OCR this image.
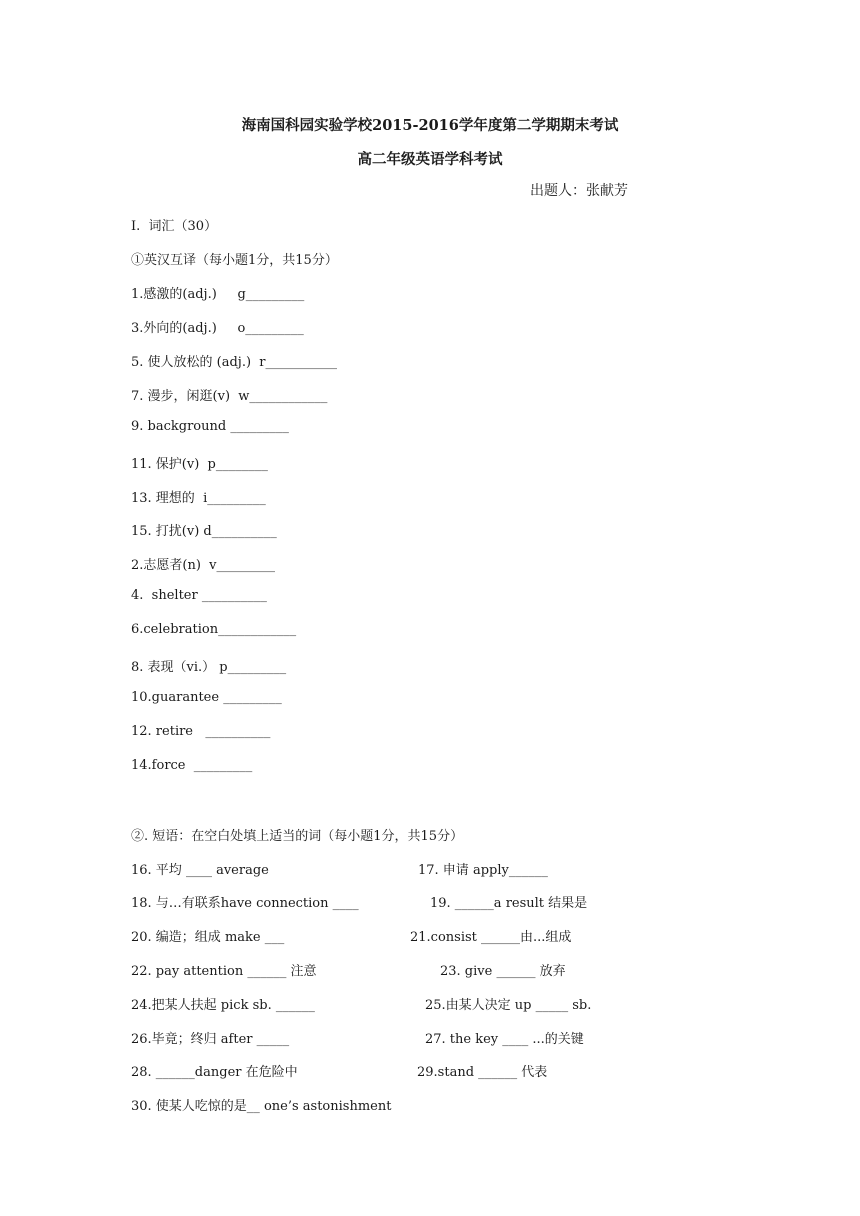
海南国科园实验学校2015-2016学年度第二学期期末考试
高二年级英语学科考试
出题人：张献芳
I.  词汇（30）
①英汉互译（每小题1分，共15分）
1.感激的(adj.)     g_________
3.外向的(adj.)     o_________
5. 使人放松的 (adj.)  r___________
7. 漫步，闲逛(v)  w____________
9. background _________
11. 保护(v)  p________
13. 理想的  i_________
15. 打扰(v) d__________
2.志愿者(n)  v_________
4.  shelter __________
6.celebration____________
8. 表现（vi.） p_________
10.guarantee _________
12. retire   __________
14.force  _________
②. 短语：在空白处填上适当的词（每小题1分，共15分）
16. 平均 ____ average	17. 申请 apply______
18. 与…有联系have connection ____	19. ______a result 结果是
20. 编造；组成 make ___	21.consist ______由...组成
22. pay attention ______ 注意	23. give ______ 放弃
24.把某人扶起 pick sb. ______	25.由某人决定 up _____ sb.
26.毕竟；终归 after _____	27. the key ____ ...的关键
28. ______danger 在危险中	29.stand ______ 代表
30. 使某人吃惊的是__ one’s astonishment
